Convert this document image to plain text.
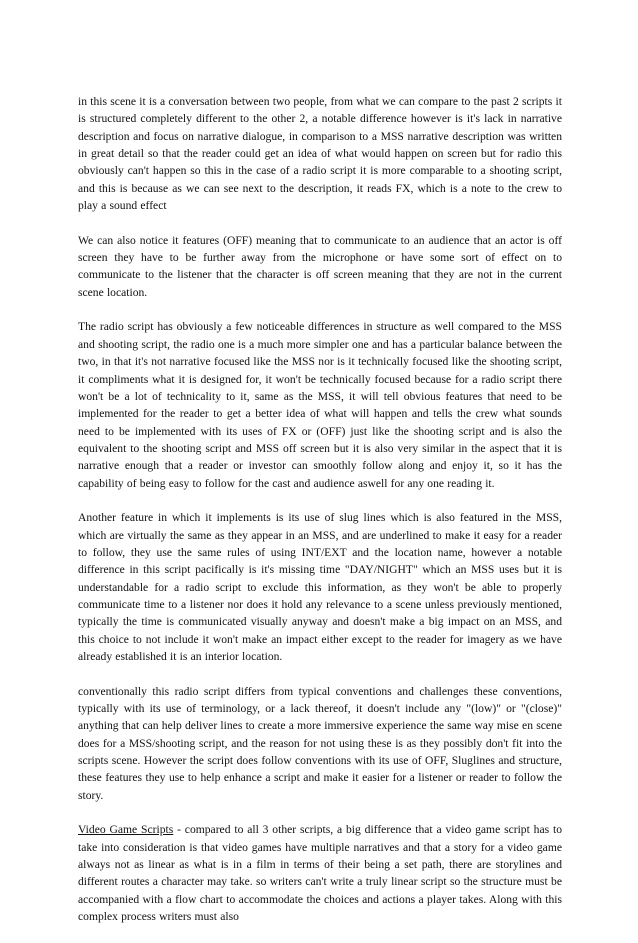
in this scene it is a conversation between two people, from what we can compare to the past 2 scripts it is structured completely different to the other 2, a notable difference however is it's lack in narrative description and focus on narrative dialogue, in comparison to a MSS narrative description was written in great detail so that the reader could get an idea of what would happen on screen but for radio this obviously can't happen so this in the case of a radio script it is more comparable to a shooting script, and this is because as we can see next to the description, it reads FX, which is a note to the crew to play a sound effect

We can also notice it features (OFF) meaning that to communicate to an audience that an actor is off screen they have to be further away from the microphone or have some sort of effect on to communicate to the listener that the character is off screen meaning that they are not in the current scene location.

The radio script has obviously a few noticeable differences in structure as well compared to the MSS and shooting script, the radio one is a much more simpler one and has a particular balance between the two, in that it's not narrative focused like the MSS nor is it technically focused like the shooting script, it compliments what it is designed for, it won't be technically focused because for a radio script there won't be a lot of technicality to it, same as the MSS, it will tell obvious features that need to be implemented for the reader to get a better idea of what will happen and tells the crew what sounds need to be implemented with its uses of FX or (OFF) just like the shooting script and is also the equivalent to the shooting script and MSS off screen but it is also very similar in the aspect that it is narrative enough that a reader or investor can smoothly follow along and enjoy it, so it has the capability of being easy to follow for the cast and audience aswell for any one reading it.

Another feature in which it implements is its use of slug lines which is also featured in the MSS, which are virtually the same as they appear in an MSS, and are underlined to make it easy for a reader to follow, they use the same rules of using INT/EXT and the location name, however a notable difference in this script pacifically is it's missing time "DAY/NIGHT" which an MSS uses but it is understandable for a radio script to exclude this information, as they won't be able to properly communicate time to a listener nor does it hold any relevance to a scene unless previously mentioned, typically the time is communicated visually anyway and doesn't make a big impact on an MSS, and this choice to not include it won't make an impact either except to the reader for imagery as we have already established it is an interior location.

conventionally this radio script differs from typical conventions and challenges these conventions, typically with its use of terminology, or a lack thereof, it doesn't include any "(low)" or "(close)" anything that can help deliver lines to create a more immersive experience the same way mise en scene does for a MSS/shooting script, and the reason for not using these is as they possibly don't fit into the scripts scene. However the script does follow conventions with its use of OFF, Sluglines and structure, these features they use to help enhance a script and make it easier for a listener or reader to follow the story.

Video Game Scripts - compared to all 3 other scripts, a big difference that a video game script has to take into consideration is that video games have multiple narratives and that a story for a video game always not as linear as what is in a film in terms of their being a set path, there are storylines and different routes a character may take. so writers can't write a truly linear script so the structure must be accompanied with a flow chart to accommodate the choices and actions a player takes. Along with this complex process writers must also
